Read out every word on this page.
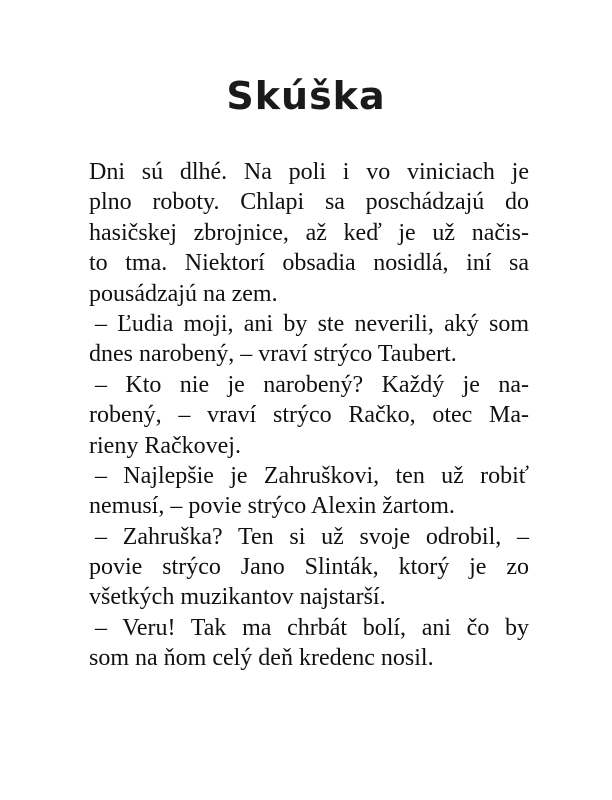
Skúška
Dni sú dlhé. Na poli i vo viniciach je
plno roboty. Chlapi sa poschádzajú do
hasičskej zbrojnice, až keď je už načis-
to tma. Niektorí obsadia nosidlá, iní sa
pousádzajú na zem.
– Ľudia moji, ani by ste neverili, aký som
dnes narobený, – vraví strýco Taubert.
– Kto nie je narobený? Každý je na-
robený, – vraví strýco Račko, otec Ma-
rieny Račkovej.
– Najlepšie je Zahruškovi, ten už robiť
nemusí, – povie strýco Alexin žartom.
– Zahruška? Ten si už svoje odrobil, –
povie strýco Jano Slinták, ktorý je zo
všetkých muzikantov najstarší.
– Veru! Tak ma chrbát bolí, ani čo by
som na ňom celý deň kredenc nosil.
